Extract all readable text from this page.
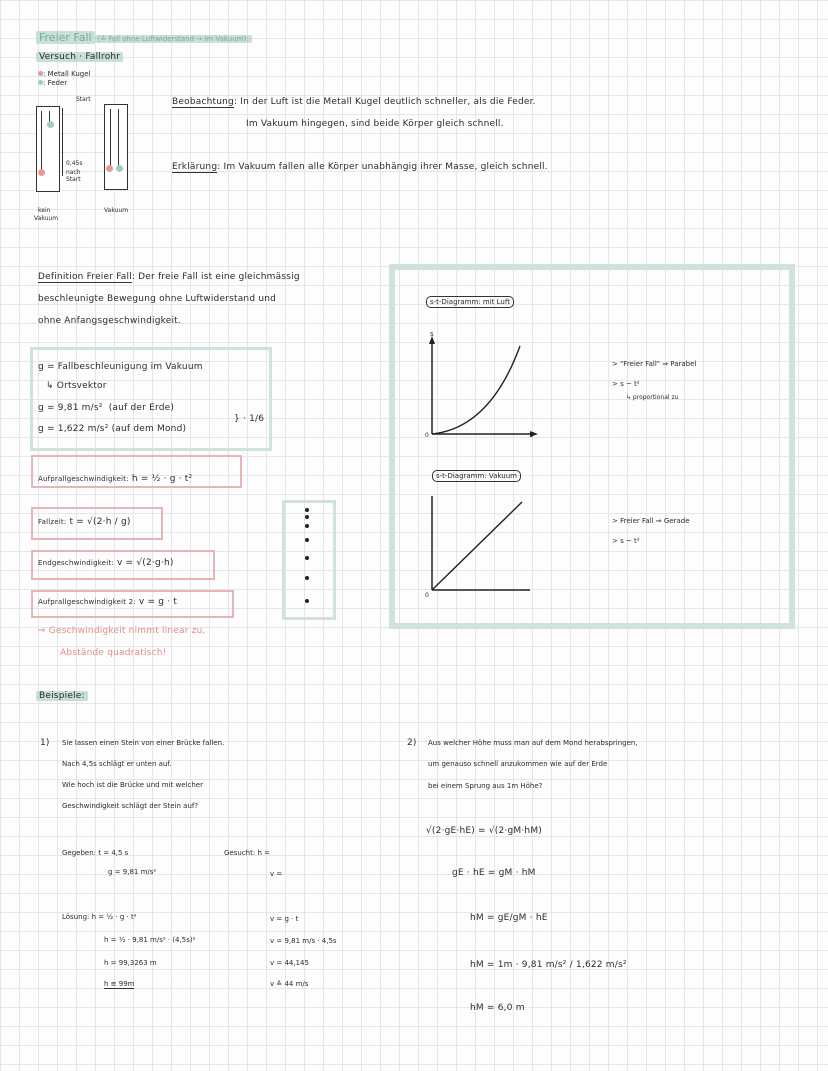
Freier Fall (≙ Fall ohne Luftwiderstand → im Vakuum):
Versuch · Fallrohr
: Metall Kugel
: Feder
Start
0,45s
nach
Start
kein
Vakuum
Vakuum
Beobachtung: In der Luft ist die Metall Kugel deutlich schneller, als die Feder.
Im Vakuum hingegen, sind beide Körper gleich schnell.
Erklärung: Im Vakuum fallen alle Körper unabhängig ihrer Masse, gleich schnell.
Definition Freier Fall: Der freie Fall ist eine gleichmässig
beschleunigte Bewegung ohne Luftwiderstand und
ohne Anfangsgeschwindigkeit.
g = Fallbeschleunigung im Vakuum
↳ Ortsvektor
g = 9,81 m/s² (auf der Erde)
g = 1,622 m/s² (auf dem Mond)
} · 1/6
Aufprallgeschwindigkeit: h = ½ · g · t²
Fallzeit: t = √(2·h / g)
Endgeschwindigkeit: v = √(2·g·h)
Aufprallgeschwindigkeit 2: v = g · t
⇒ Geschwindigkeit nimmt linear zu,
Abstände quadratisch!
s-t-Diagramm: mit Luft
s
t
0
> "Freier Fall" ⇒ Parabel
> s ~ t²
↳ proportional zu
s-t-Diagramm: Vakuum
0
> Freier Fall ⇒ Gerade
> s ~ t²
Beispiele:
1) Sie lassen einen Stein von einer Brücke fallen.
Nach 4,5s schlägt er unten auf.
Wie hoch ist die Brücke und mit welcher
Geschwindigkeit schlägt der Stein auf?
Gegeben: t = 4,5 s
g = 9,81 m/s²
Gesucht: h =
v =
Lösung: h = ½ · g · t²
h = ½ · 9,81 m/s² · (4,5s)²
h = 99,3263 m
h ≅ 99m
v = g · t
v = 9,81 m/s · 4,5s
v = 44,145
v ≙ 44 m/s
2) Aus welcher Höhe muss man auf dem Mond herabspringen,
um genauso schnell anzukommen wie auf der Erde
bei einem Sprung aus 1m Höhe?
√(2·gE·hE) = √(2·gM·hM)
gE · hE = gM · hM
hM = gE/gM · hE
hM = 1m · 9,81 m/s² / 1,622 m/s²
hM = 6,0 m
